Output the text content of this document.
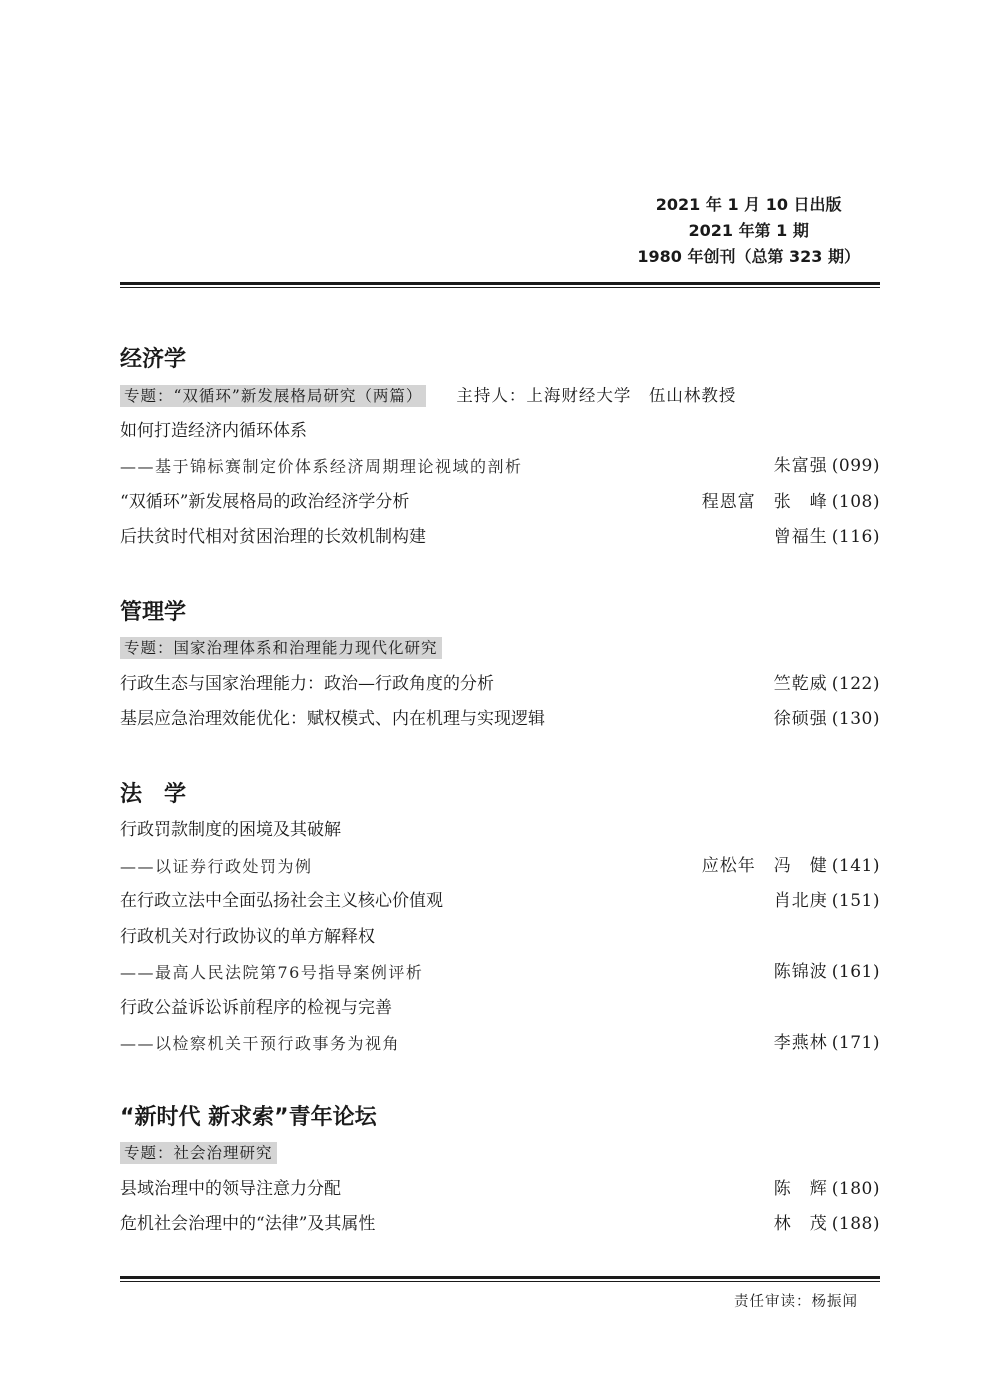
2021 年 1 月 10 日出版
2021 年第 1 期
1980 年创刊（总第 323 期）
经济学
专题：“双循环”新发展格局研究（两篇） 主持人：上海财经大学　伍山林教授
如何打造经济内循环体系
——基于锦标赛制定价体系经济周期理论视域的剖析	朱富强 (099)
“双循环”新发展格局的政治经济学分析	程恩富 张　峰 (108)
后扶贫时代相对贫困治理的长效机制构建	曾福生 (116)
管理学
专题：国家治理体系和治理能力现代化研究
行政生态与国家治理能力：政治—行政角度的分析	竺乾威 (122)
基层应急治理效能优化：赋权模式、内在机理与实现逻辑	徐硕强 (130)
法　学
行政罚款制度的困境及其破解
——以证券行政处罚为例	应松年 冯　健 (141)
在行政立法中全面弘扬社会主义核心价值观	肖北庚 (151)
行政机关对行政协议的单方解释权
——最高人民法院第76号指导案例评析	陈锦波 (161)
行政公益诉讼诉前程序的检视与完善
——以检察机关干预行政事务为视角	李燕林 (171)
“新时代 新求索”青年论坛
专题：社会治理研究
县域治理中的领导注意力分配	陈　辉 (180)
危机社会治理中的“法律”及其属性	林　茂 (188)
责任审读：杨振闻
